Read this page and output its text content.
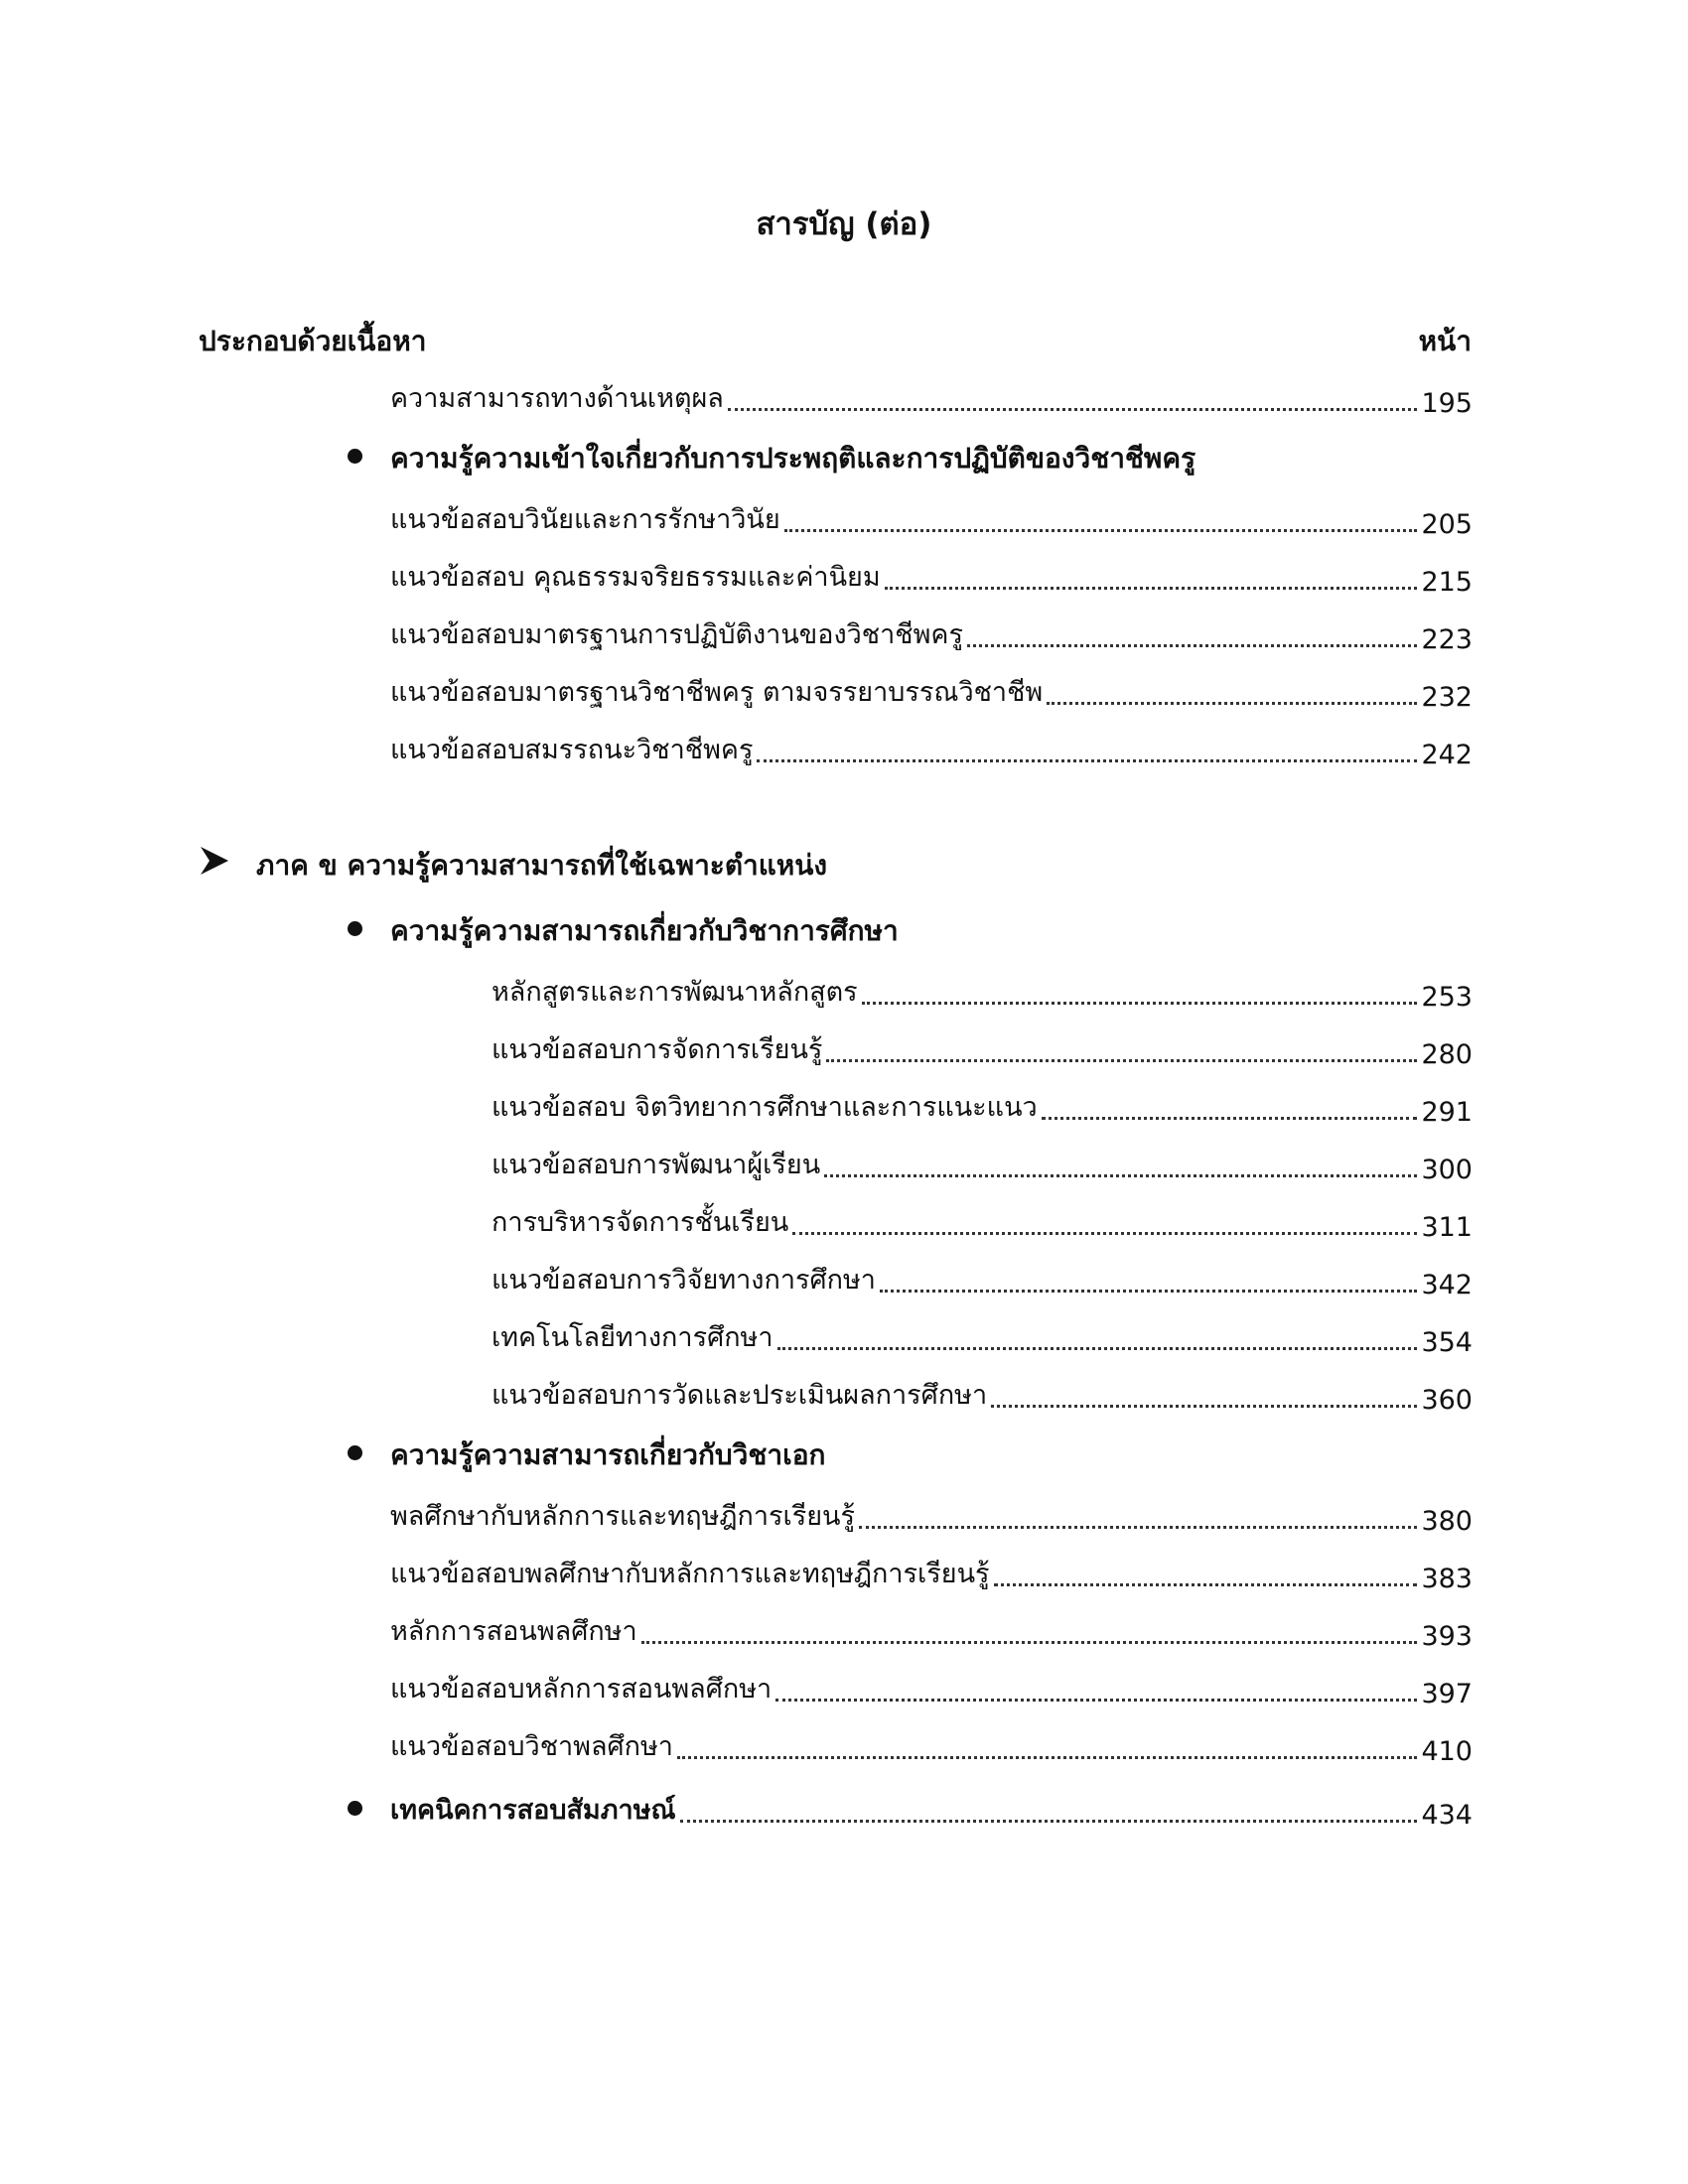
สารบัญ (ต่อ)
ประกอบด้วยเนื้อหา	หน้า
ความสามารถทางด้านเหตุผล	195
ความรู้ความเข้าใจเกี่ยวกับการประพฤติและการปฏิบัติของวิชาชีพครู
แนวข้อสอบวินัยและการรักษาวินัย	205
แนวข้อสอบ คุณธรรมจริยธรรมและค่านิยม	215
แนวข้อสอบมาตรฐานการปฏิบัติงานของวิชาชีพครู	223
แนวข้อสอบมาตรฐานวิชาชีพครู ตามจรรยาบรรณวิชาชีพ	232
แนวข้อสอบสมรรถนะวิชาชีพครู	242
ภาค ข ความรู้ความสามารถที่ใช้เฉพาะตำแหน่ง
ความรู้ความสามารถเกี่ยวกับวิชาการศึกษา
หลักสูตรและการพัฒนาหลักสูตร	253
แนวข้อสอบการจัดการเรียนรู้	280
แนวข้อสอบ จิตวิทยาการศึกษาและการแนะแนว	291
แนวข้อสอบการพัฒนาผู้เรียน	300
การบริหารจัดการชั้นเรียน	311
แนวข้อสอบการวิจัยทางการศึกษา	342
เทคโนโลยีทางการศึกษา	354
แนวข้อสอบการวัดและประเมินผลการศึกษา	360
ความรู้ความสามารถเกี่ยวกับวิชาเอก
พลศึกษากับหลักการและทฤษฎีการเรียนรู้	380
แนวข้อสอบพลศึกษากับหลักการและทฤษฎีการเรียนรู้	383
หลักการสอนพลศึกษา	393
แนวข้อสอบหลักการสอนพลศึกษา	397
แนวข้อสอบวิชาพลศึกษา	410
เทคนิคการสอบสัมภาษณ์	434
